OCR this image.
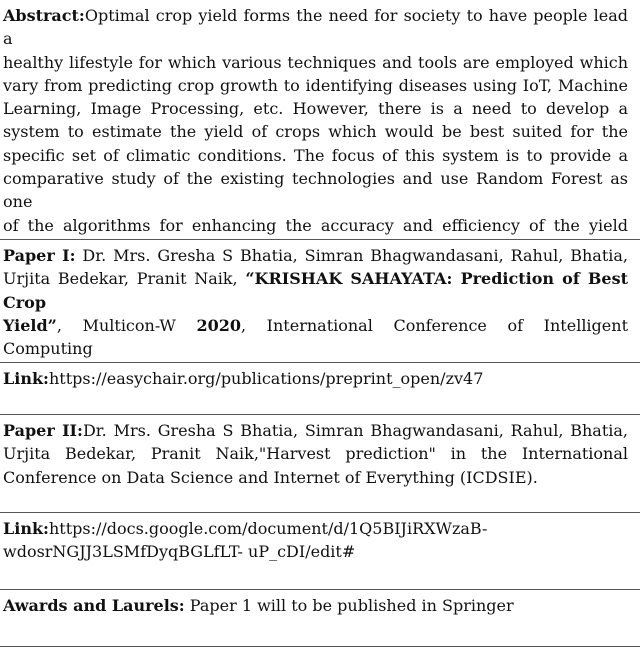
Abstract:Optimal crop yield forms the need for society to have people lead a
healthy lifestyle for which various techniques and tools are employed which
vary from predicting crop growth to identifying diseases using IoT, Machine
Learning, Image Processing, etc. However, there is a need to develop a
system to estimate the yield of crops which would be best suited for the
specific set of climatic conditions. The focus of this system is to provide a
comparative study of the existing technologies and use Random Forest as one
of the algorithms for enhancing the accuracy and efficiency of the yield
Paper I: Dr. Mrs. Gresha S Bhatia, Simran Bhagwandasani, Rahul, Bhatia,
Urjita Bedekar, Pranit Naik, “KRISHAK SAHAYATA: Prediction of Best Crop
Yield”, Multicon-W 2020, International Conference of Intelligent Computing
Link:https://easychair.org/publications/preprint_open/zv47
Paper II:Dr. Mrs. Gresha S Bhatia, Simran Bhagwandasani, Rahul, Bhatia,
Urjita Bedekar, Pranit Naik,"Harvest prediction" in the International
Conference on Data Science and Internet of Everything (ICDSIE).
Link:https://docs.google.com/document/d/1Q5BIJiRXWzaB-
wdosrNGJJ3LSMfDyqBGLfLT- uP_cDI/edit#
Awards and Laurels: Paper 1 will to be published in Springer
